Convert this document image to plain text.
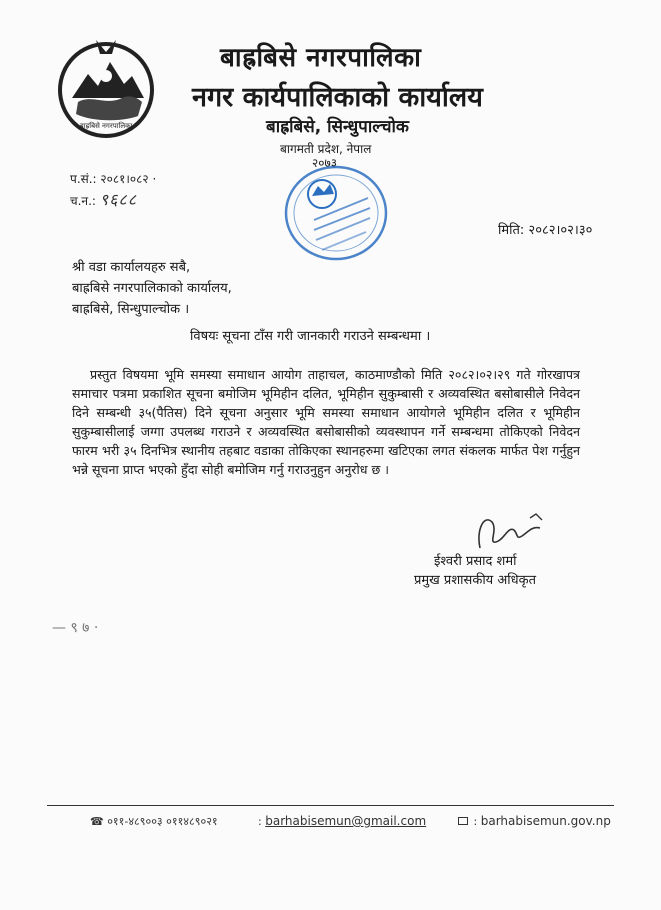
बाह्रबिसे नगरपालिका
बाह्रबिसे नगरपालिका
नगर कार्यपालिकाको कार्यालय
बाह्रबिसे, सिन्धुपाल्चोक
बागमती प्रदेश, नेपाल
२०७३
प.सं.: २०८१।०८२ ·
च.न.: ९६८८
मिति: २०८२।०२।३०
श्री वडा कार्यालयहरु सबै,
बाह्रबिसे नगरपालिकाको कार्यालय,
बाह्रबिसे, सिन्धुपाल्चोक ।
विषयः सूचना टाँस गरी जानकारी गराउने सम्बन्धमा ।
प्रस्तुत विषयमा भूमि समस्या समाधान आयोग ताहाचल, काठमाण्डौको मिति २०८२।०२।२९ गते गोरखापत्र समाचार पत्रमा प्रकाशित सूचना बमोजिम भूमिहीन दलित, भूमिहीन सुकुम्बासी र अव्यवस्थित बसोबासीले निवेदन दिने सम्बन्धी ३५(पैतिस) दिने सूचना अनुसार भूमि समस्या समाधान आयोगले भूमिहीन दलित र भूमिहीन सुकुम्बासीलाई जग्गा उपलब्ध गराउने र अव्यवस्थित बसोबासीको व्यवस्थापन गर्ने सम्बन्धमा तोकिएको निवेदन फारम भरी ३५ दिनभित्र स्थानीय तहबाट वडाका तोकिएका स्थानहरुमा खटिएका लगत संकलक मार्फत पेश गर्नुहुन भन्ने सूचना प्राप्त भएको हुँदा सोही बमोजिम गर्नु गराउनुहुन अनुरोध छ ।
ईश्वरी प्रसाद शर्मा
प्रमुख प्रशासकीय अधिकृत
— ९ ७ ·
☎ ०११-४८९००३ ०११४८९०२१	: barhabisemun@gmail.com	: barhabisemun.gov.np
